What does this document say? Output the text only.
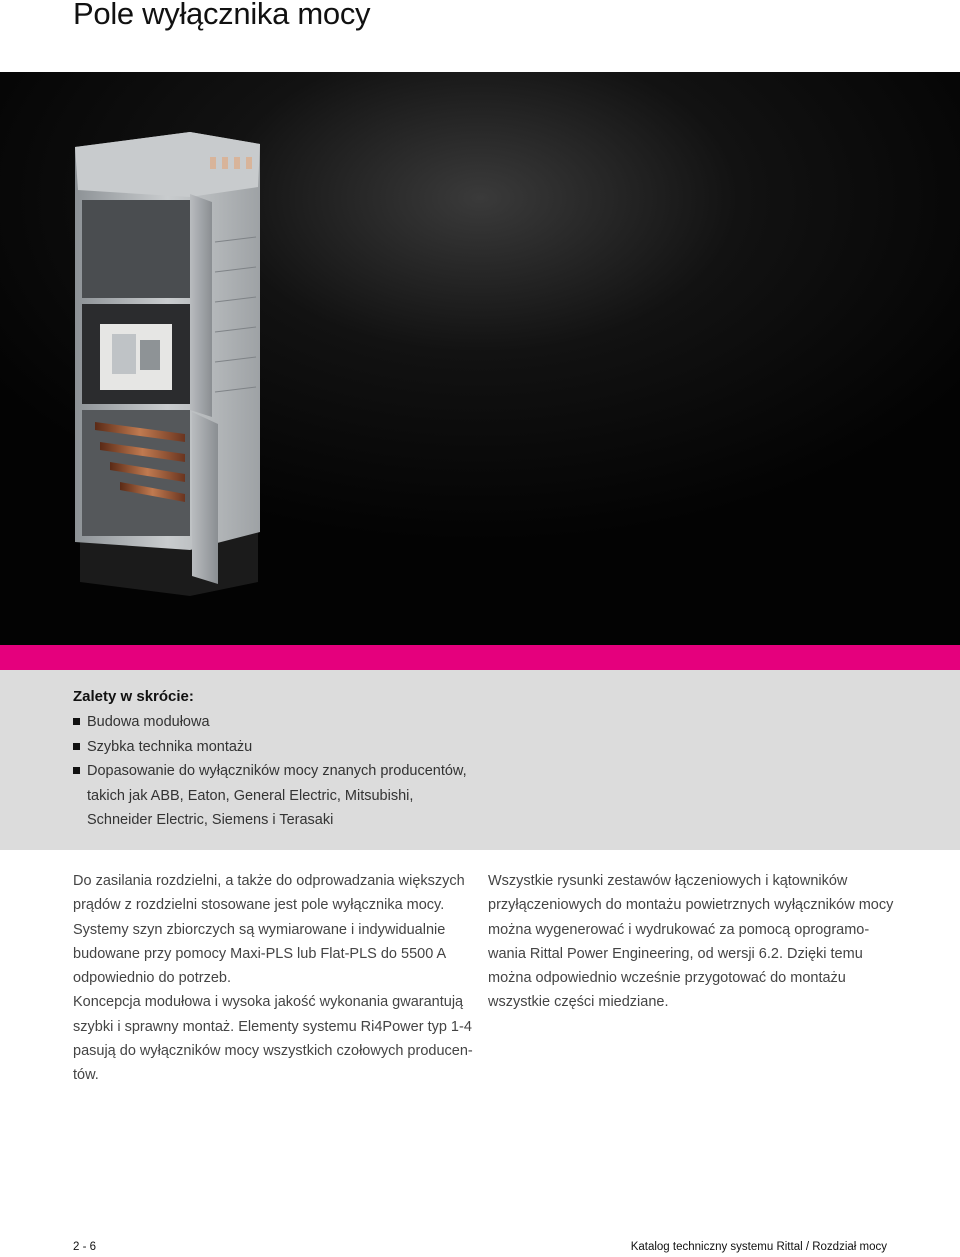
Pole wyłącznika mocy
Zalety w skrócie:
Budowa modułowa
Szybka technika montażu
Dopasowanie do wyłączników mocy znanych producentów,
takich jak ABB, Eaton, General Electric, Mitsubishi,
Schneider Electric, Siemens i Terasaki

Do zasilania rozdzielni, a także do odprowadzania większych
prądów z rozdzielni stosowane jest pole wyłącznika mocy.
Systemy szyn zbiorczych są wymiarowane i indywidualnie
budowane przy pomocy Maxi-PLS lub Flat-PLS do 5500 A
odpowiednio do potrzeb.

Koncepcja modułowa i wysoka jakość wykonania gwarantują
szybki i sprawny montaż. Elementy systemu Ri4Power typ 1-4
pasują do wyłączników mocy wszystkich czołowych producen-
tów.

Wszystkie rysunki zestawów łączeniowych i kątowników
przyłączeniowych do montażu powietrznych wyłączników mocy
można wygenerować i wydrukować za pomocą oprogramo-
wania Rittal Power Engineering, od wersji 6.2. Dzięki temu
można odpowiednio wcześnie przygotować do montażu
wszystkie części miedziane.

2 - 6	Katalog techniczny systemu Rittal / Rozdział mocy
